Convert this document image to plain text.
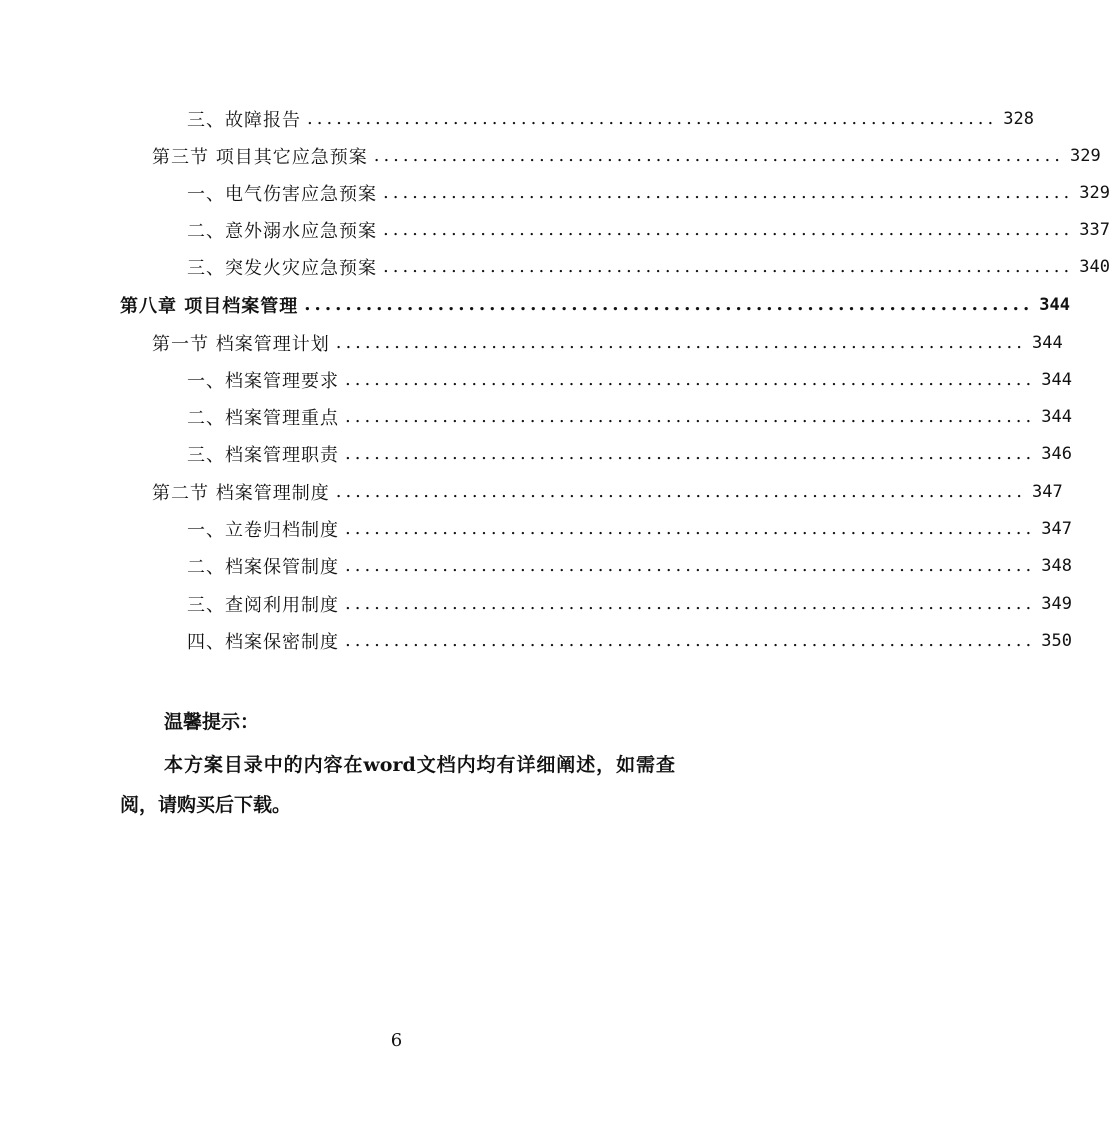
三、故障报告 ....................................................................... 328
第三节 项目其它应急预案 ....................................................................... 329
一、电气伤害应急预案 ....................................................................... 329
二、意外溺水应急预案 ....................................................................... 337
三、突发火灾应急预案 ....................................................................... 340
第八章 项目档案管理 ....................................................................... 344
第一节 档案管理计划 ....................................................................... 344
一、档案管理要求 ....................................................................... 344
二、档案管理重点 ....................................................................... 344
三、档案管理职责 ....................................................................... 346
第二节 档案管理制度 ....................................................................... 347
一、立卷归档制度 ....................................................................... 347
二、档案保管制度 ....................................................................... 348
三、查阅利用制度 ....................................................................... 349
四、档案保密制度 ....................................................................... 350
温馨提示：
本方案目录中的内容在word文档内均有详细阐述，如需查阅，请购买后下载。
6
